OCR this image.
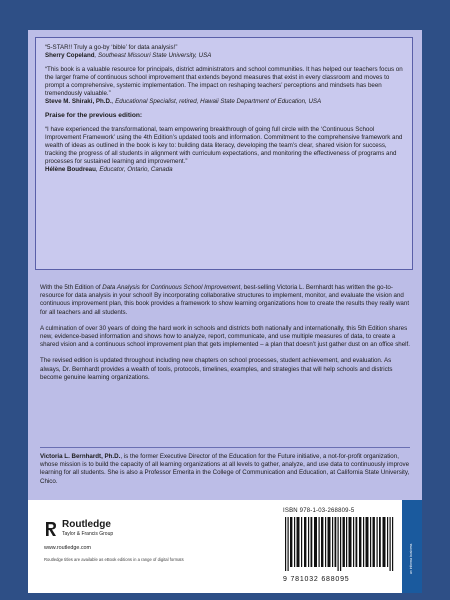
“5-STAR!! Truly a go-by ‘bible’ for data analysis!”

Sherry Copeland, Southeast Missouri State University, USA

“This book is a valuable resource for principals, district administrators and school communities. It has helped our teachers focus on the larger frame of continuous school improvement that extends beyond measures that exist in every classroom and moves to prompt a comprehensive, systemic implementation. The impact on reshaping teachers’ perceptions and mindsets has been tremendously valuable.”

Steve M. Shiraki, Ph.D., Educational Specialist, retired, Hawaii State Department of Education, USA

Praise for the previous edition:

“I have experienced the transformational, team empowering breakthrough of going full circle with the ‘Continuous School Improvement Framework’ using the 4th Edition’s updated tools and information. Commitment to the comprehensive framework and wealth of ideas as outlined in the book is key to: building data literacy, developing the team’s clear, shared vision for success, tracking the progress of all students in alignment with curriculum expectations, and monitoring the effectiveness of programs and processes for sustained learning and improvement.”

Hélène Boudreau, Educator, Ontario, Canada

With the 5th Edition of Data Analysis for Continuous School Improvement, best-selling Victoria L. Bernhardt has written the go-to-resource for data analysis in your school! By incorporating collaborative structures to implement, monitor, and evaluate the vision and continuous improvement plan, this book provides a framework to show learning organizations how to create the results they really want for all teachers and all students.

A culmination of over 30 years of doing the hard work in schools and districts both nationally and internationally, this 5th Edition shares new, evidence-based information and shows how to analyze, report, communicate, and use multiple measures of data, to create a shared vision and a continuous school improvement plan that gets implemented – a plan that doesn’t just gather dust on an office shelf.

The revised edition is updated throughout including new chapters on school processes, student achievement, and evaluation. As always, Dr. Bernhardt provides a wealth of tools, protocols, timelines, examples, and strategies that will help schools and districts become genuine learning organizations.

Victoria L. Bernhardt, Ph.D., is the former Executive Director of the Education for the Future initiative, a not-for-profit organization, whose mission is to build the capacity of all learning organizations at all levels to gather, analyze, and use data to continuously improve learning for all students. She is also a Professor Emerita in the College of Communication and Education, at California State University, Chico.

Routledge
Taylor & Francis Group
www.routledge.com
Routledge titles are available as eBook editions in a range of digital formats
ISBN 978-1-03-268809-5
9 781032 688095
an informa business
